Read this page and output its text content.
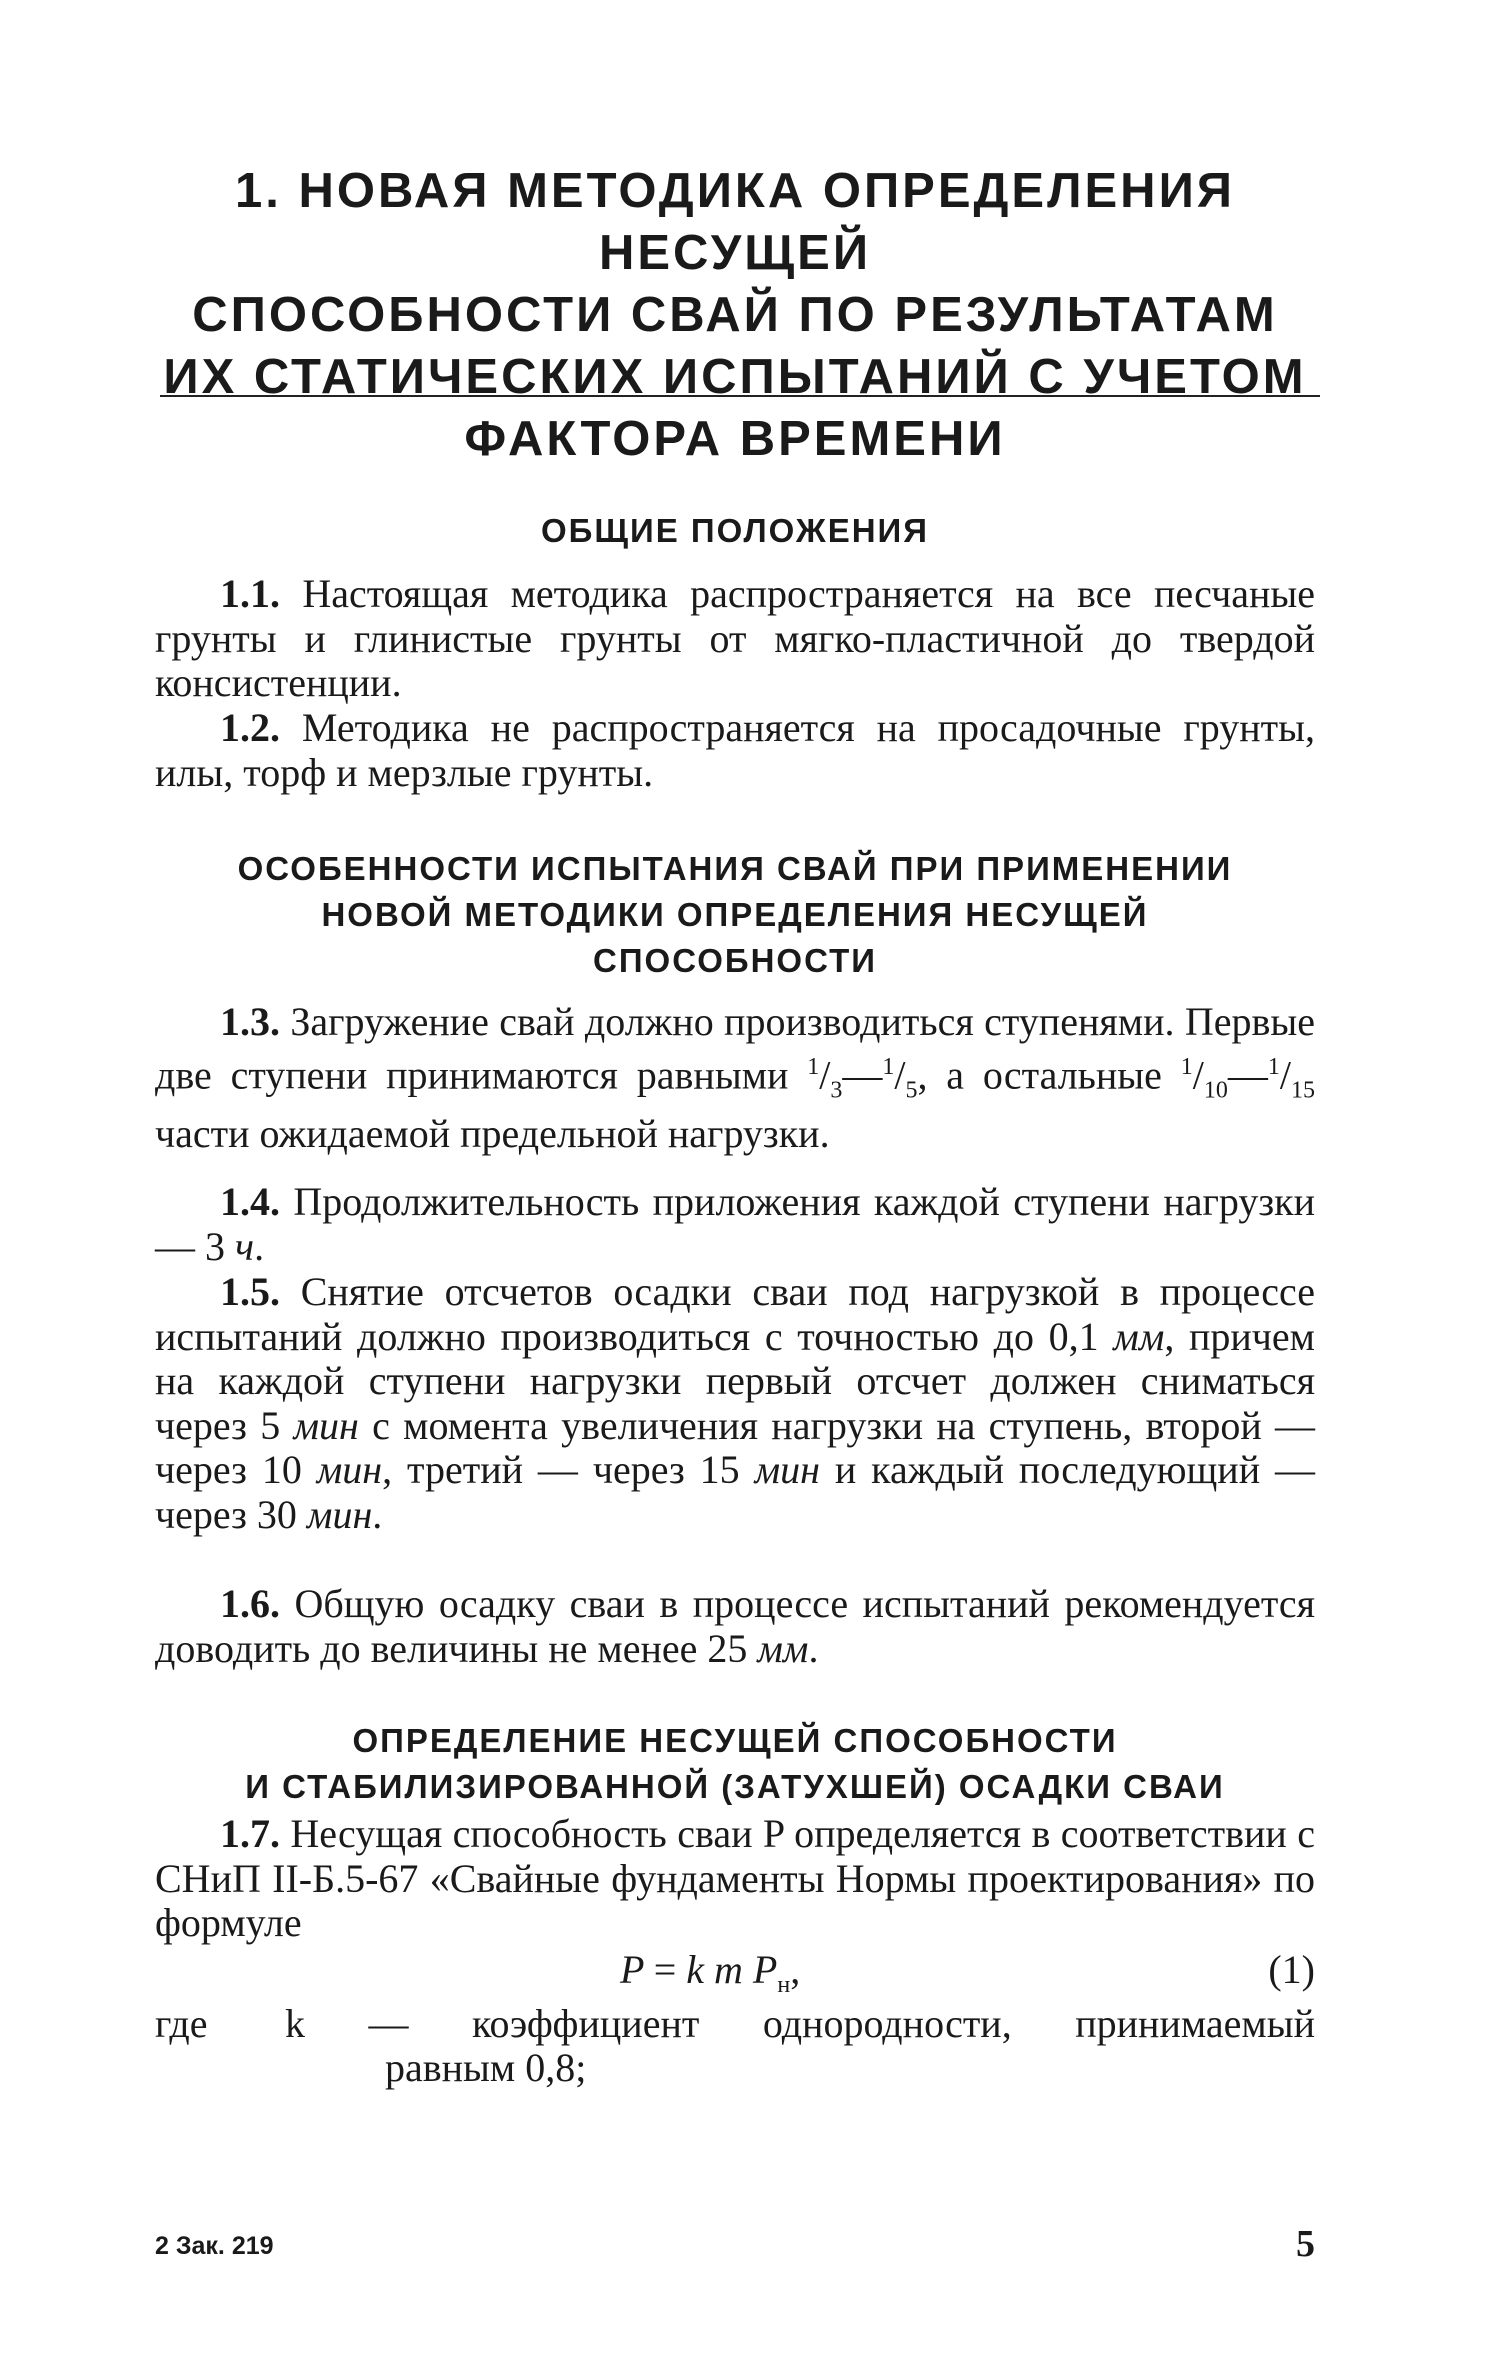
1. НОВАЯ МЕТОДИКА ОПРЕДЕЛЕНИЯ НЕСУЩЕЙ
СПОСОБНОСТИ СВАЙ ПО РЕЗУЛЬТАТАМ
ИХ СТАТИЧЕСКИХ ИСПЫТАНИЙ С УЧЕТОМ
ФАКТОРА ВРЕМЕНИ
ОБЩИЕ ПОЛОЖЕНИЯ

1.1. Настоящая методика распространяется на все песчаные грунты и глинистые грунты от мягко-пластичной до твердой консистенции.

1.2. Методика не распространяется на просадочные грунты, илы, торф и мерзлые грунты.

ОСОБЕННОСТИ ИСПЫТАНИЯ СВАЙ ПРИ ПРИМЕНЕНИИ
НОВОЙ МЕТОДИКИ ОПРЕДЕЛЕНИЯ НЕСУЩЕЙ
СПОСОБНОСТИ

1.3. Загружение свай должно производиться ступенями. Первые две ступени принимаются равными $^1/_3—^1/_5$, а остальные $^1/_{10}—^1/_{15}$ части ожидаемой предельной нагрузки.

1.4. Продолжительность приложения каждой ступени нагрузки — 3 ч.

1.5. Снятие отсчетов осадки сваи под нагрузкой в процессе испытаний должно производиться с точностью до 0,1 мм, причем на каждой ступени нагрузки первый отсчет должен сниматься через 5 мин с момента увеличения нагрузки на ступень, второй — через 10 мин, третий — через 15 мин и каждый последующий — через 30 мин.

1.6. Общую осадку сваи в процессе испытаний рекомендуется доводить до величины не менее 25 мм.

ОПРЕДЕЛЕНИЕ НЕСУЩЕЙ СПОСОБНОСТИ
И СТАБИЛИЗИРОВАННОЙ (ЗАТУХШЕЙ) ОСАДКИ СВАИ

1.7. Несущая способность сваи P определяется в соответствии с СНиП II-Б.5-67 «Свайные фундаменты Нормы проектирования» по формуле

P = k m $P_н$,	(1)
где k — коэффициент однородности, принимаемый
равным 0,8;
2 Зак. 219	5
